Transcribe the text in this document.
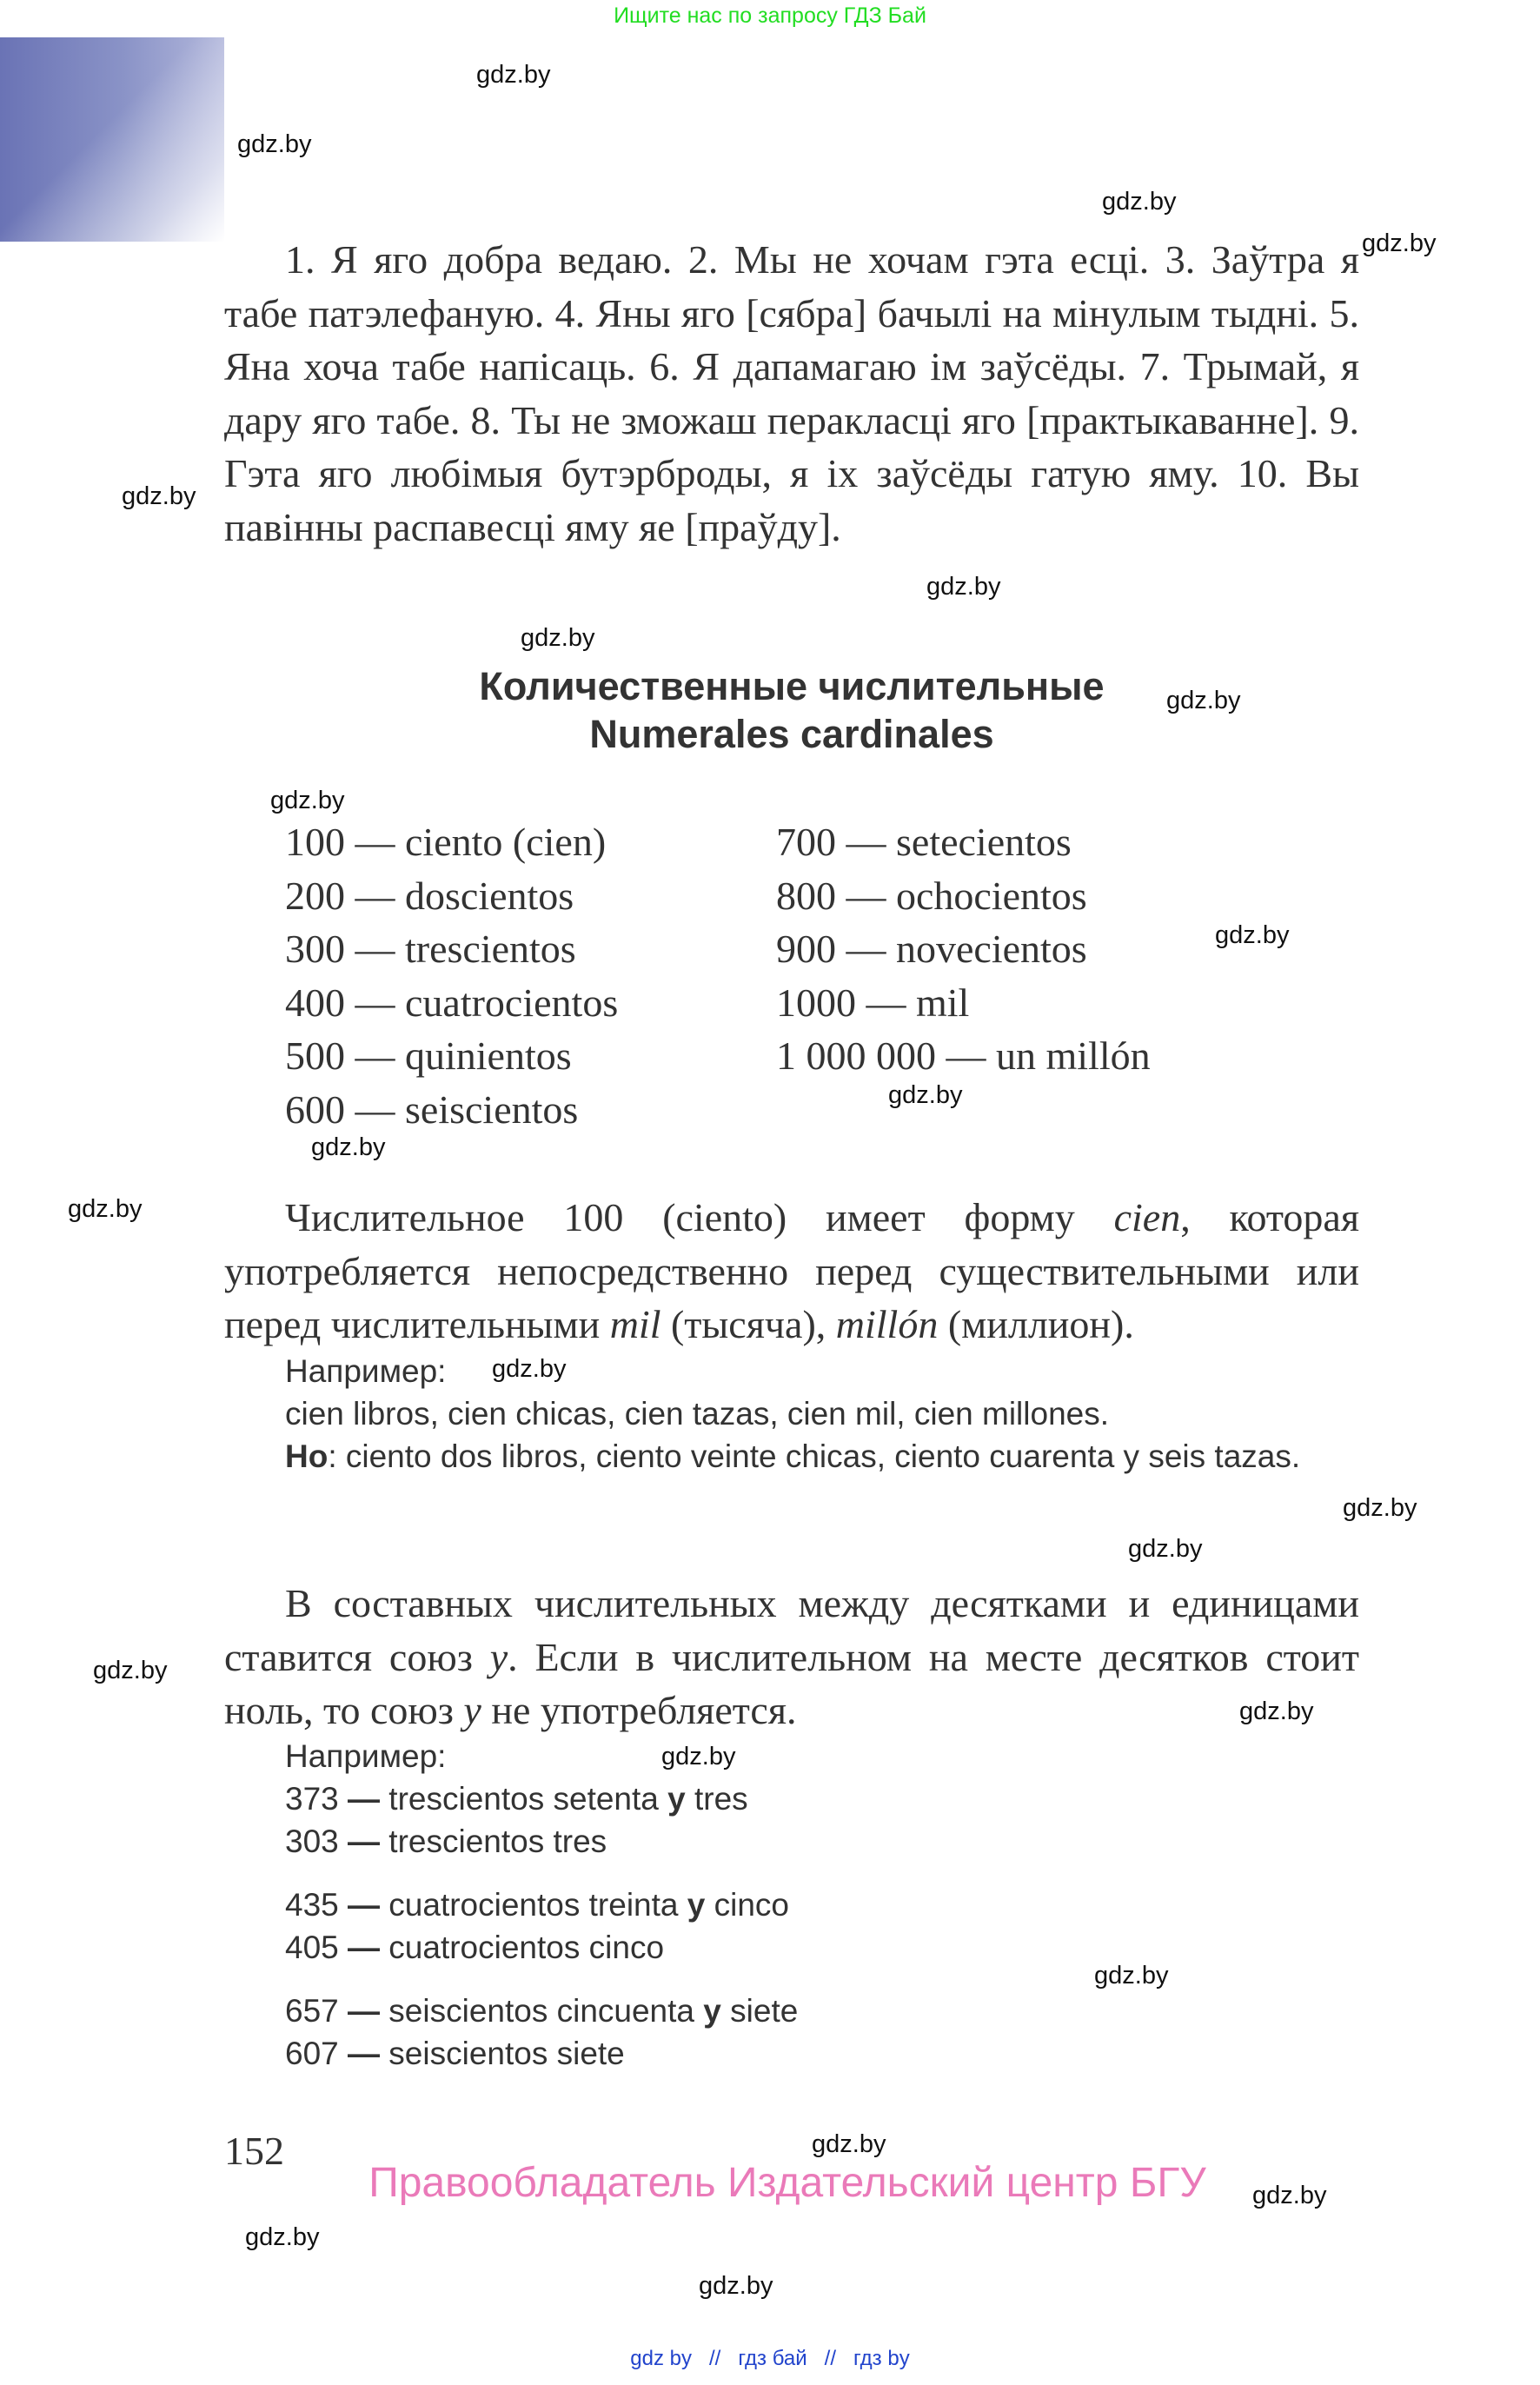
Ищите нас по запросу ГДЗ Бай

1. Я яго добра ведаю. 2. Мы не хочам гэта есці. 3. Заўтра я табе патэлефаную. 4. Яны яго [сябра] бачылі на мінулым тыдні. 5. Яна хоча табе напісаць. 6. Я дапамагаю ім заўсёды. 7. Трымай, я дару яго табе. 8. Ты не зможаш перакласці яго [практыкаванне]. 9. Гэта яго любімыя бутэрброды, я іх заўсёды гатую яму. 10. Вы павінны распавесці яму яе [праўду].

Количественные числительные
Numerales cardinales
100 — ciento (cien)
200 — doscientos
300 — trescientos
400 — cuatrocientos
500 — quinientos
600 — seiscientos
700 — setecientos
800 — ochocientos
900 — novecientos
1000 — mil
1 000 000 — un millón

Числительное 100 (ciento) имеет форму cien, которая употребляется непосредственно перед существительными или перед числительными mil (тысяча), millón (миллион).

Например:
cien libros, cien chicas, cien tazas, cien mil, cien millones.
Но: ciento dos libros, ciento veinte chicas, ciento cuarenta y seis tazas.

В составных числительных между десятками и единицами ставится союз y. Если в числительном на месте десятков стоит ноль, то союз y не употребляется.

Например:
373 — trescientos setenta y tres
303 — trescientos tres
435 — cuatrocientos treinta y cinco
405 — cuatrocientos cinco
657 — seiscientos cincuenta y siete
607 — seiscientos siete
152
Правообладатель Издательский центр БГУ
gdz by // гдз бай // гдз by
gdz.by
gdz.by
gdz.by
gdz.by
gdz.by
gdz.by
gdz.by
gdz.by
gdz.by
gdz.by
gdz.by
gdz.by
gdz.by
gdz.by
gdz.by
gdz.by
gdz.by
gdz.by
gdz.by
gdz.by
gdz.by
gdz.by
gdz.by
gdz.by
